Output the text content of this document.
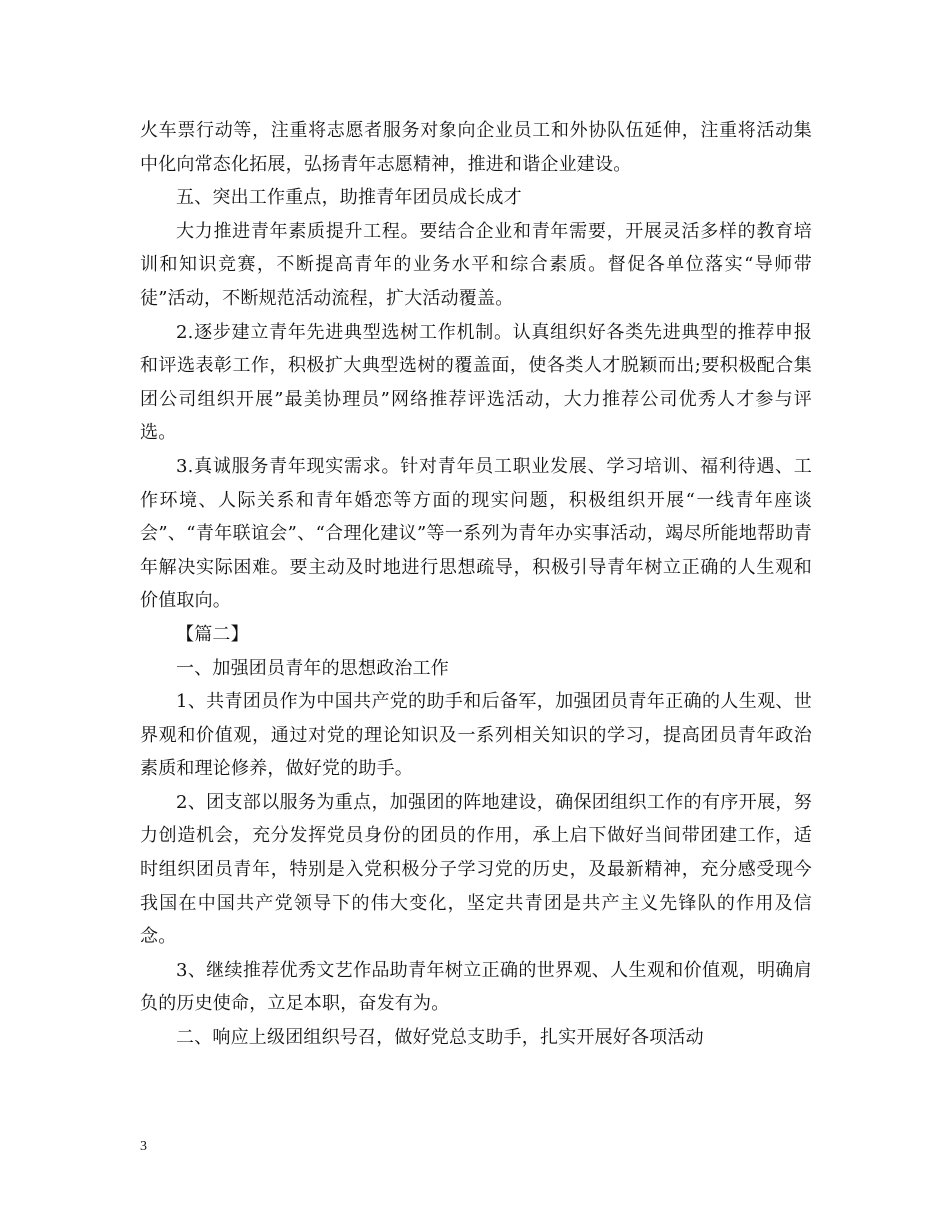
火车票行动等，注重将志愿者服务对象向企业员工和外协队伍延伸，注重将活动集中化向常态化拓展，弘扬青年志愿精神，推进和谐企业建设。

五、突出工作重点，助推青年团员成长成才

大力推进青年素质提升工程。要结合企业和青年需要，开展灵活多样的教育培训和知识竞赛，不断提高青年的业务水平和综合素质。督促各单位落实“导师带徒”活动，不断规范活动流程，扩大活动覆盖。

2.逐步建立青年先进典型选树工作机制。认真组织好各类先进典型的推荐申报和评选表彰工作，积极扩大典型选树的覆盖面，使各类人才脱颖而出;要积极配合集团公司组织开展”最美协理员”网络推荐评选活动，大力推荐公司优秀人才参与评选。

3.真诚服务青年现实需求。针对青年员工职业发展、学习培训、福利待遇、工作环境、人际关系和青年婚恋等方面的现实问题，积极组织开展“一线青年座谈会”、“青年联谊会”、“合理化建议”等一系列为青年办实事活动，竭尽所能地帮助青年解决实际困难。要主动及时地进行思想疏导，积极引导青年树立正确的人生观和价值取向。

【篇二】

一、加强团员青年的思想政治工作

1、共青团员作为中国共产党的助手和后备军，加强团员青年正确的人生观、世界观和价值观，通过对党的理论知识及一系列相关知识的学习，提高团员青年政治素质和理论修养，做好党的助手。

2、团支部以服务为重点，加强团的阵地建设，确保团组织工作的有序开展，努力创造机会，充分发挥党员身份的团员的作用，承上启下做好当间带团建工作，适时组织团员青年，特别是入党积极分子学习党的历史，及最新精神，充分感受现今我国在中国共产党领导下的伟大变化，坚定共青团是共产主义先锋队的作用及信念。

3、继续推荐优秀文艺作品助青年树立正确的世界观、人生观和价值观，明确肩负的历史使命，立足本职，奋发有为。

二、响应上级团组织号召，做好党总支助手，扎实开展好各项活动

3
